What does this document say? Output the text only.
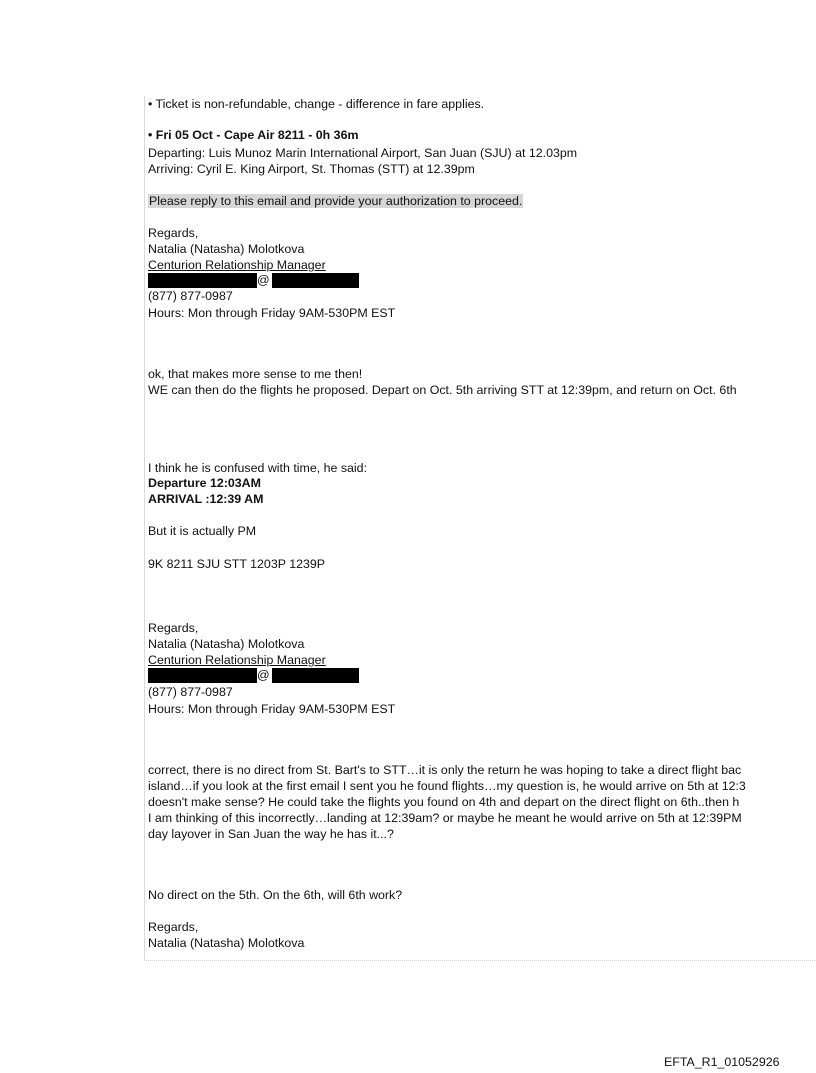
• Ticket is non-refundable, change - difference in fare applies.
• Fri 05 Oct - Cape Air 8211 - 0h 36m
Departing: Luis Munoz Marin International Airport, San Juan (SJU) at 12.03pm
Arriving: Cyril E. King Airport, St. Thomas (STT) at 12.39pm
Please reply to this email and provide your authorization to proceed.
Regards,
Natalia (Natasha) Molotkova
Centurion Relationship Manager
@
(877) 877-0987
Hours: Mon through Friday 9AM-530PM EST
ok, that makes more sense to me then!
WE can then do the flights he proposed. Depart on Oct. 5th arriving STT at 12:39pm, and return on Oct. 6th
I think he is confused with time, he said:
Departure 12:03AM
ARRIVAL :12:39 AM
But it is actually PM
9K 8211 SJU STT 1203P 1239P
Regards,
Natalia (Natasha) Molotkova
Centurion Relationship Manager
@
(877) 877-0987
Hours: Mon through Friday 9AM-530PM EST
correct, there is no direct from St. Bart's to STT…it is only the return he was hoping to take a direct flight bac
island…if you look at the first email I sent you he found flights…my question is, he would arrive on 5th at 12:3
doesn't make sense? He could take the flights you found on 4th and depart on the direct flight on 6th..then h
I am thinking of this incorrectly…landing at 12:39am? or maybe he meant he would arrive on 5th at 12:39PM
day layover in San Juan the way he has it...?
No direct on the 5th. On the 6th, will 6th work?
Regards,
Natalia (Natasha) Molotkova
EFTA_R1_01052926
